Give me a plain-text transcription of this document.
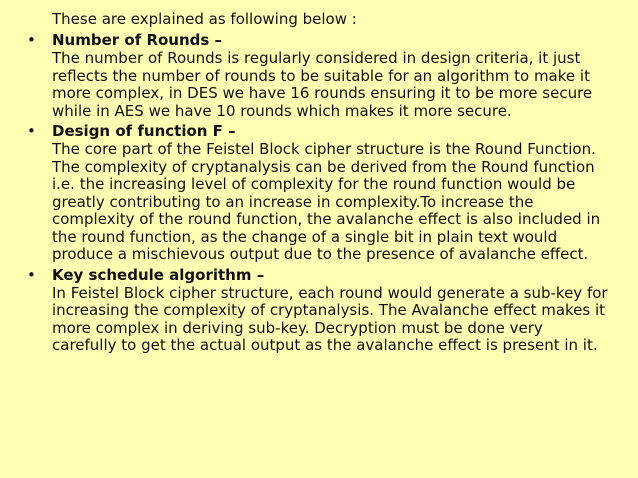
These are explained as following below :

• Number of Rounds –
The number of Rounds is regularly considered in design criteria, it just reflects the number of rounds to be suitable for an algorithm to make it more complex, in DES we have 16 rounds ensuring it to be more secure while in AES we have 10 rounds which makes it more secure.
• Design of function F –
The core part of the Feistel Block cipher structure is the Round Function. The complexity of cryptanalysis can be derived from the Round function i.e. the increasing level of complexity for the round function would be greatly contributing to an increase in complexity.To increase the complexity of the round function, the avalanche effect is also included in the round function, as the change of a single bit in plain text would produce a mischievous output due to the presence of avalanche effect.
• Key schedule algorithm –
In Feistel Block cipher structure, each round would generate a sub-key for increasing the complexity of cryptanalysis. The Avalanche effect makes it more complex in deriving sub-key. Decryption must be done very carefully to get the actual output as the avalanche effect is present in it.
